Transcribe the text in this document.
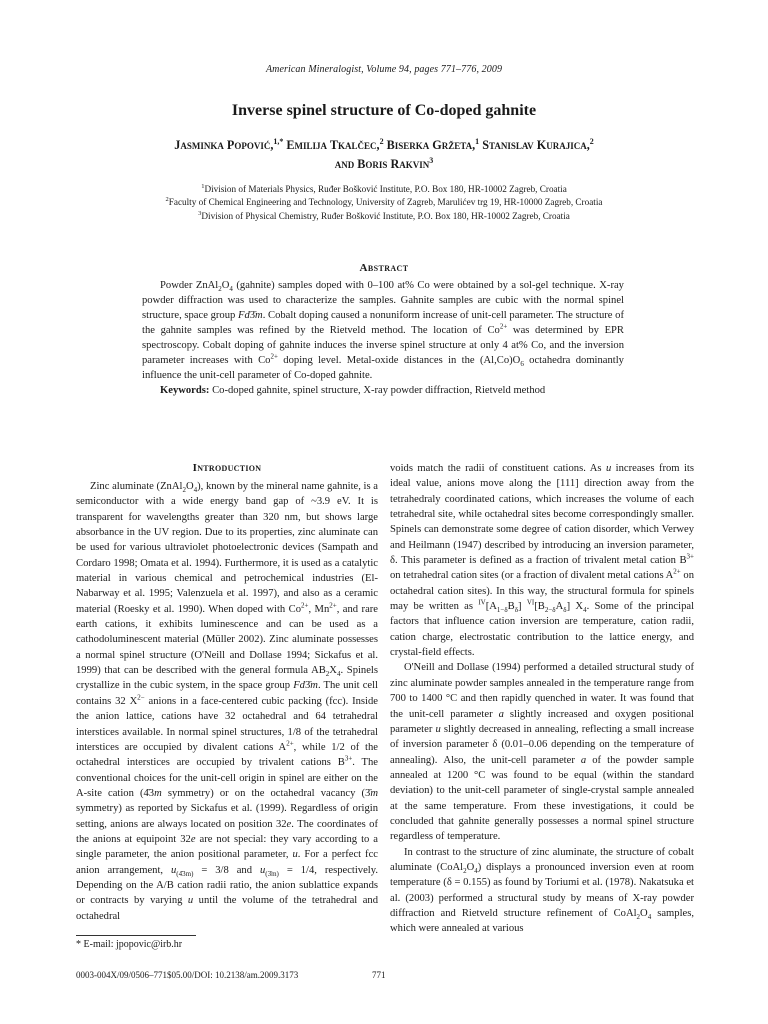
American Mineralogist, Volume 94, pages 771–776, 2009
Inverse spinel structure of Co-doped gahnite
Jasminka Popović,$^{1,*}$ Emilija Tkalčec,$^2$ Biserka Gržeta,$^1$ Stanislav Kurajica,$^2$
and Boris Rakvin$^3$
$^1$Division of Materials Physics, Ruđer Bošković Institute, P.O. Box 180, HR-10002 Zagreb, Croatia
$^2$Faculty of Chemical Engineering and Technology, University of Zagreb, Marulićev trg 19, HR-10000 Zagreb, Croatia
$^3$Division of Physical Chemistry, Ruđer Bošković Institute, P.O. Box 180, HR-10002 Zagreb, Croatia
Abstract

Powder $ZnAl_2O_4$ (gahnite) samples doped with 0–100 at% Co were obtained by a sol-gel technique. X-ray powder diffraction was used to characterize the samples. Gahnite samples are cubic with the normal spinel structure, space group Fd3̄m. Cobalt doping caused a nonuniform increase of unit-cell parameter. The structure of the gahnite samples was refined by the Rietveld method. The location of $Co^{2+}$ was determined by EPR spectroscopy. Cobalt doping of gahnite induces the inverse spinel structure at only 4 at% Co, and the inversion parameter increases with $Co^{2+}$ doping level. Metal-oxide distances in the $(Al,Co)O_6$ octahedra dominantly influence the unit-cell parameter of Co-doped gahnite.

Keywords: Co-doped gahnite, spinel structure, X-ray powder diffraction, Rietveld method

Introduction

Zinc aluminate $(ZnAl_2O_4)$, known by the mineral name gahnite, is a semiconductor with a wide energy band gap of ~3.9 eV. It is transparent for wavelengths greater than 320 nm, but shows large absorbance in the UV region. Due to its properties, zinc aluminate can be used for various ultraviolet photoelectronic devices (Sampath and Cordaro 1998; Omata et al. 1994). Furthermore, it is used as a catalytic material in various chemical and petrochemical industries (El-Nabarway et al. 1995; Valenzuela et al. 1997), and also as a ceramic material (Roesky et al. 1990). When doped with $Co^{2+}$, $Mn^{2+}$, and rare earth cations, it exhibits luminescence and can be used as a cathodoluminescent material (Müller 2002). Zinc aluminate possesses a normal spinel structure (O'Neill and Dollase 1994; Sickafus et al. 1999) that can be described with the general formula $AB_2X_4$. Spinels crystallize in the cubic system, in the space group Fd3̄m. The unit cell contains 32 $X^{2-}$ anions in a face-centered cubic packing (fcc). Inside the anion lattice, cations have 32 octahedral and 64 tetrahedral interstices available. In normal spinel structures, 1/8 of the tetrahedral interstices are occupied by divalent cations $A^{2+}$, while 1/2 of the octahedral interstices are occupied by trivalent cations $B^{3+}$. The conventional choices for the unit-cell origin in spinel are either on the A-site cation (4̄3m symmetry) or on the octahedral vacancy (3̄m symmetry) as reported by Sickafus et al. (1999). Regardless of origin setting, anions are always located on position 32e. The coordinates of the anions at equipoint 32e are not special: they vary according to a single parameter, the anion positional parameter, u. For a perfect fcc anion arrangement, $u_{(4̄3m)} = 3/8$ and $u_{(3̄m)} = 1/4$, respectively. Depending on the A/B cation radii ratio, the anion sublattice expands or contracts by varying u until the volume of the tetrahedral and octahedral

voids match the radii of constituent cations. As u increases from its ideal value, anions move along the [111] direction away from the tetrahedraly coordinated cations, which increases the volume of each tetrahedral site, while octahedral sites become correspondingly smaller. Spinels can demonstrate some degree of cation disorder, which Verwey and Heilmann (1947) described by introducing an inversion parameter, δ. This parameter is defined as a fraction of trivalent metal cation $B^{3+}$ on tetrahedral cation sites (or a fraction of divalent metal cations $A^{2+}$ on octahedral cation sites). In this way, the structural formula for spinels may be written as $^{IV}[A_{1-\delta}B_\delta]$ $^{VI}[B_{2-\delta}A_\delta]$ $X_4$. Some of the principal factors that influence cation inversion are temperature, cation radii, cation charge, electrostatic contribution to the lattice energy, and crystal-field effects.

O'Neill and Dollase (1994) performed a detailed structural study of zinc aluminate powder samples annealed in the temperature range from 700 to 1400 °C and then rapidly quenched in water. It was found that the unit-cell parameter a slightly increased and oxygen positional parameter u slightly decreased in annealing, reflecting a small increase of inversion parameter δ (0.01–0.06 depending on the temperature of annealing). Also, the unit-cell parameter a of the powder sample annealed at 1200 °C was found to be equal (within the standard deviation) to the unit-cell parameter of single-crystal sample annealed at the same temperature. From these investigations, it could be concluded that gahnite generally possesses a normal spinel structure regardless of temperature.

In contrast to the structure of zinc aluminate, the structure of cobalt aluminate $(CoAl_2O_4)$ displays a pronounced inversion even at room temperature (δ = 0.155) as found by Toriumi et al. (1978). Nakatsuka et al. (2003) performed a structural study by means of X-ray powder diffraction and Rietveld structure refinement of $CoAl_2O_4$ samples, which were annealed at various

* E-mail: jpopovic@irb.hr
0003-004X/09/0506–771$05.00/DOI: 10.2138/am.2009.3173	771
